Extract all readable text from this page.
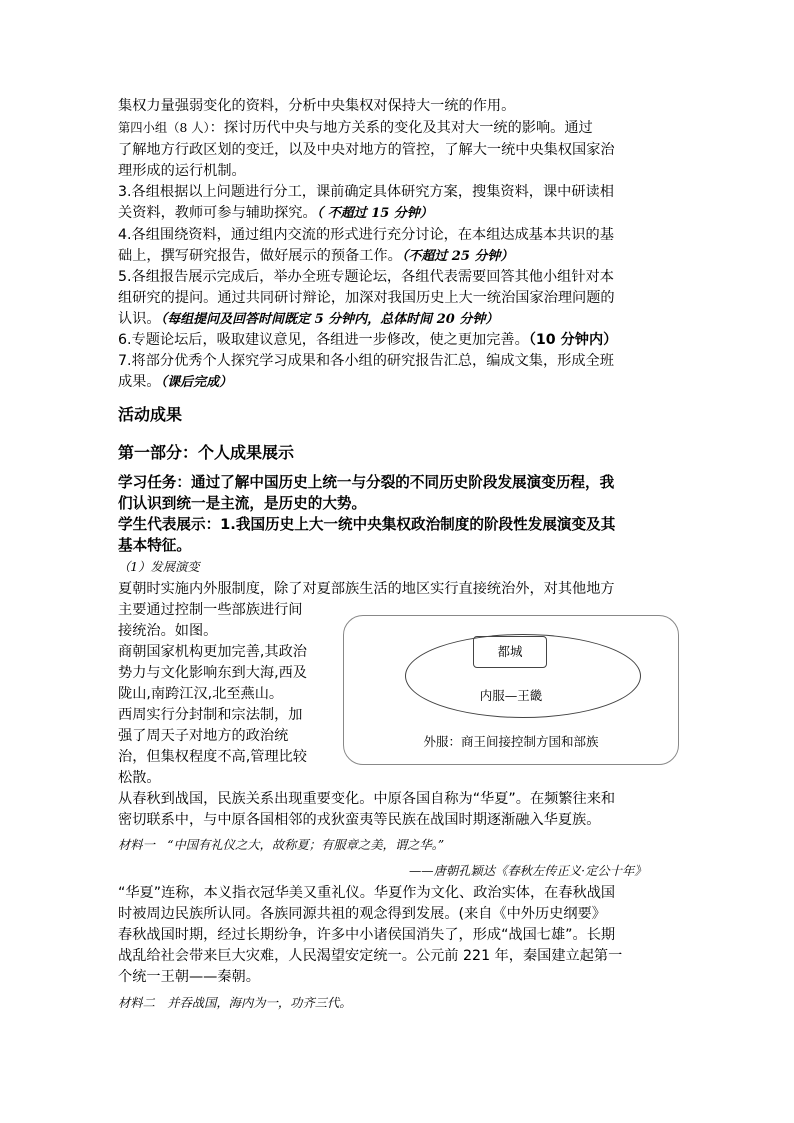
集权力量强弱变化的资料，分析中央集权对保持大一统的作用。
第四小组（8 人）：探讨历代中央与地方关系的变化及其对大一统的影响。通过
了解地方行政区划的变迁，以及中央对地方的管控，了解大一统中央集权国家治
理形成的运行机制。
3.各组根据以上问题进行分工，课前确定具体研究方案，搜集资料，课中研读相
关资料，教师可参与辅助探究。（ 不超过 15 分钟）
4.各组围绕资料，通过组内交流的形式进行充分讨论，在本组达成基本共识的基
础上，撰写研究报告，做好展示的预备工作。（不超过 25 分钟）
5.各组报告展示完成后，举办全班专题论坛，各组代表需要回答其他小组针对本
组研究的提问。通过共同研讨辩论，加深对我国历史上大一统治国家治理问题的
认识。（每组提问及回答时间既定 5 分钟内，总体时间 20 分钟）
6.专题论坛后，吸取建议意见，各组进一步修改，使之更加完善。（10 分钟内）
7.将部分优秀个人探究学习成果和各小组的研究报告汇总，编成文集，形成全班
成果。（课后完成）
活动成果
第一部分：个人成果展示
学习任务：通过了解中国历史上统一与分裂的不同历史阶段发展演变历程，我
们认识到统一是主流，是历史的大势。
学生代表展示：1.我国历史上大一统中央集权政治制度的阶段性发展演变及其
基本特征。
（1）发展演变
夏朝时实施内外服制度，除了对夏部族生活的地区实行直接统治外，对其他地方
主要通过控制一些部族进行间
接统治。如图。
商朝国家机构更加完善,其政治
势力与文化影响东到大海,西及
陇山,南跨江汉,北至燕山。
西周实行分封制和宗法制，加
强了周天子对地方的政治统
治，但集权程度不高,管理比较
松散。
都城
内服—王畿
外服：商王间接控制方国和部族
从春秋到战国，民族关系出现重要变化。中原各国自称为“华夏”。在频繁往来和
密切联系中，与中原各国相邻的戎狄蛮夷等民族在战国时期逐渐融入华夏族。
材料一　“中国有礼仪之大，故称夏；有服章之美，谓之华。”
——唐朝孔颖达《春秋左传正义·定公十年》
“华夏”连称，本义指衣冠华美又重礼仪。华夏作为文化、政治实体，在春秋战国
时被周边民族所认同。各族同源共祖的观念得到发展。(来自《中外历史纲要》
春秋战国时期，经过长期纷争，许多中小诸侯国消失了，形成“战国七雄”。长期
战乱给社会带来巨大灾难，人民渴望安定统一。公元前 221 年，秦国建立起第一
个统一王朝——秦朝。
材料二　并吞战国，海内为一，功齐三代。
